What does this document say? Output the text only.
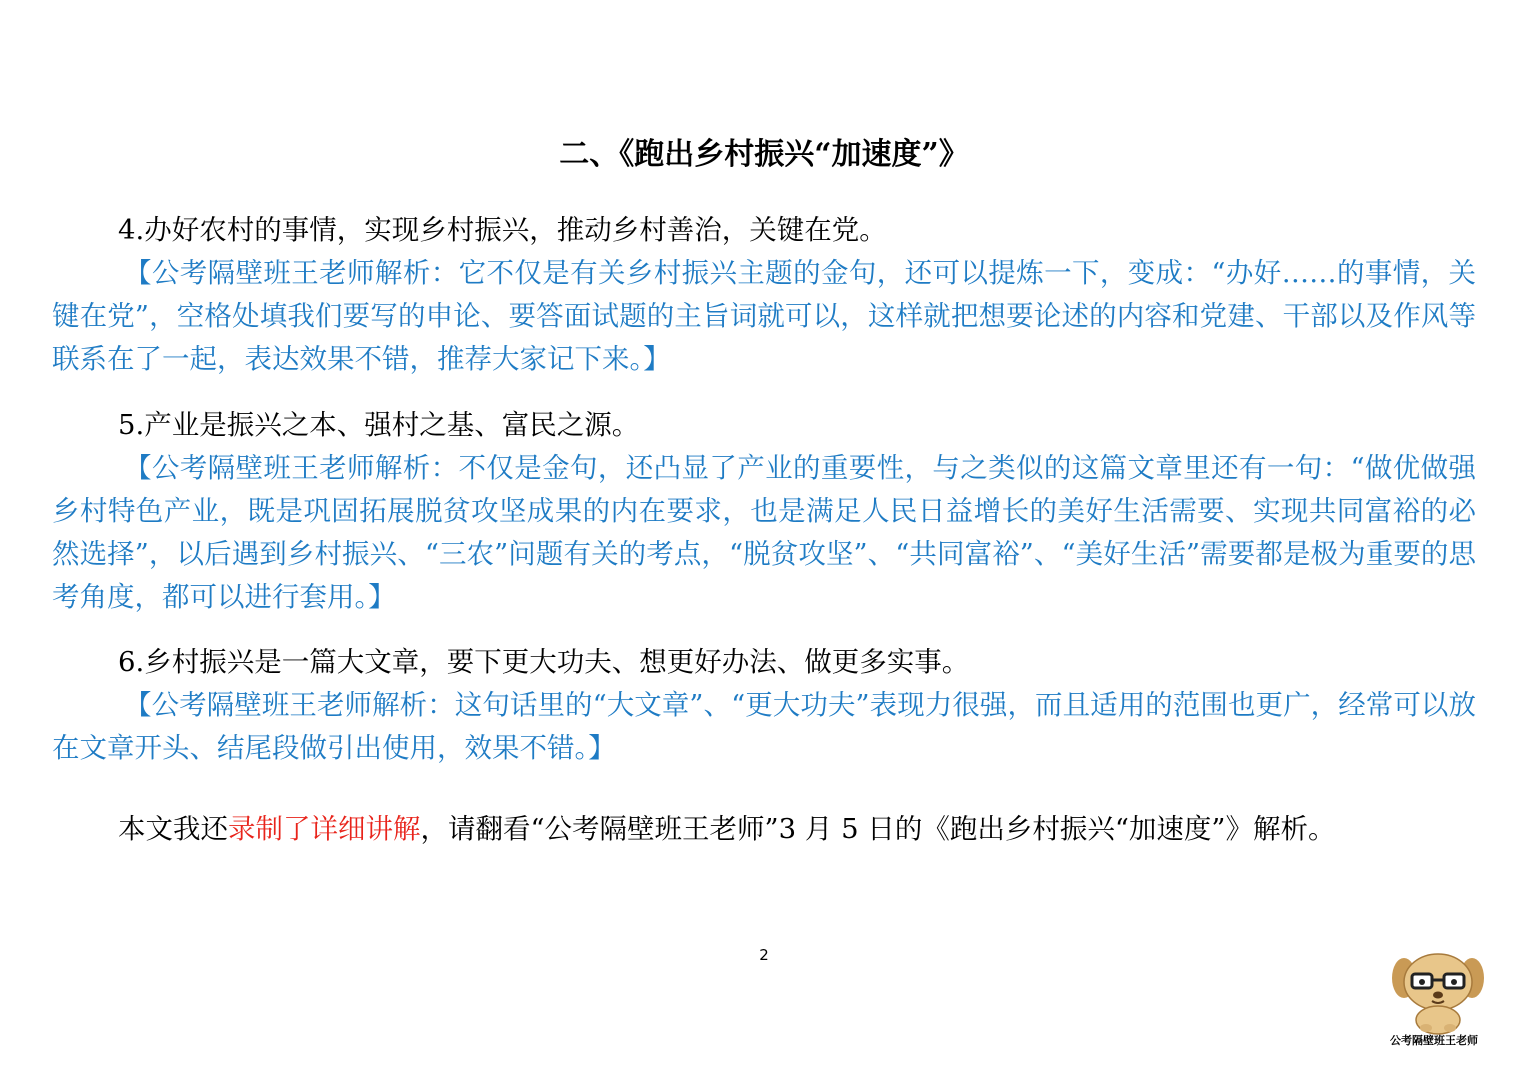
二、《跑出乡村振兴“加速度”》

4.办好农村的事情，实现乡村振兴，推动乡村善治，关键在党。

【公考隔壁班王老师解析：它不仅是有关乡村振兴主题的金句，还可以提炼一下，变成：“办好……的事情，关键在党”，空格处填我们要写的申论、要答面试题的主旨词就可以，这样就把想要论述的内容和党建、干部以及作风等联系在了一起，表达效果不错，推荐大家记下来。】

5.产业是振兴之本、强村之基、富民之源。

【公考隔壁班王老师解析：不仅是金句，还凸显了产业的重要性，与之类似的这篇文章里还有一句：“做优做强乡村特色产业，既是巩固拓展脱贫攻坚成果的内在要求，也是满足人民日益增长的美好生活需要、实现共同富裕的必然选择”，以后遇到乡村振兴、“三农”问题有关的考点，“脱贫攻坚”、“共同富裕”、“美好生活”需要都是极为重要的思考角度，都可以进行套用。】

6.乡村振兴是一篇大文章，要下更大功夫、想更好办法、做更多实事。

【公考隔壁班王老师解析：这句话里的“大文章”、“更大功夫”表现力很强，而且适用的范围也更广，经常可以放在文章开头、结尾段做引出使用，效果不错。】

本文我还录制了详细讲解，请翻看“公考隔壁班王老师”3 月 5 日的《跑出乡村振兴“加速度”》解析。

2
公考隔壁班王老师
